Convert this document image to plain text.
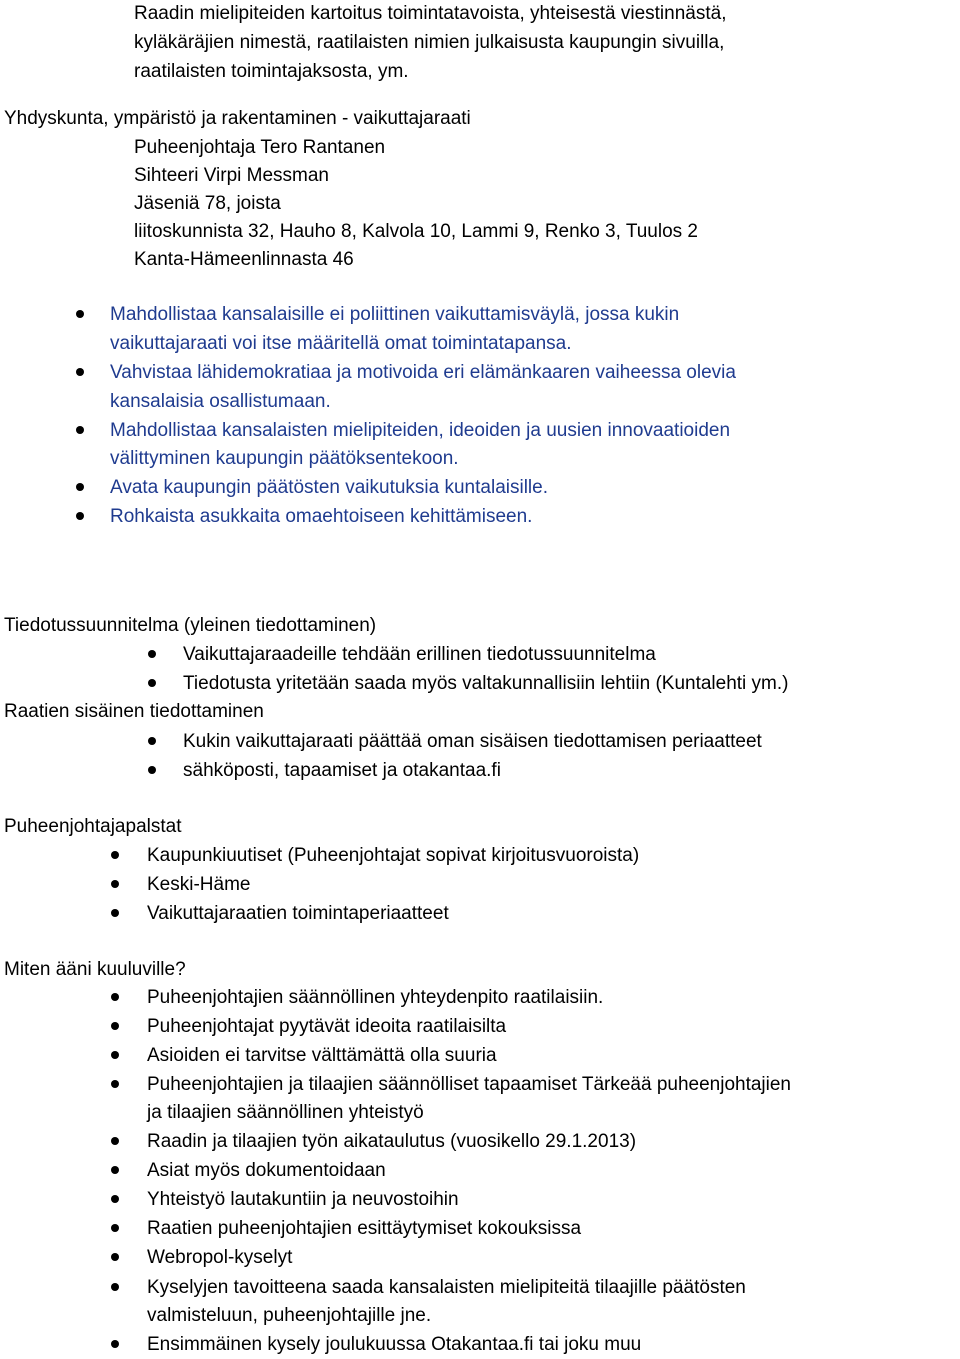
Raadin mielipiteiden kartoitus toimintatavoista, yhteisestä viestinnästä,
kyläkäräjien nimestä, raatilaisten nimien julkaisusta kaupungin sivuilla,
raatilaisten toimintajaksosta, ym.
Yhdyskunta, ympäristö ja rakentaminen - vaikuttajaraati
Puheenjohtaja Tero Rantanen
Sihteeri Virpi Messman
Jäseniä 78, joista
liitoskunnista 32, Hauho 8, Kalvola 10, Lammi 9, Renko 3, Tuulos 2
Kanta-Hämeenlinnasta 46
Mahdollistaa kansalaisille ei poliittinen vaikuttamisväylä, jossa kukin
vaikuttajaraati voi itse määritellä omat toimintatapansa.
Vahvistaa lähidemokratiaa ja motivoida eri elämänkaaren vaiheessa olevia
kansalaisia osallistumaan.
Mahdollistaa kansalaisten mielipiteiden, ideoiden ja uusien innovaatioiden
välittyminen kaupungin päätöksentekoon.
Avata kaupungin päätösten vaikutuksia kuntalaisille.
Rohkaista asukkaita omaehtoiseen kehittämiseen.
Tiedotussuunnitelma (yleinen tiedottaminen)
Vaikuttajaraadeille tehdään erillinen tiedotussuunnitelma
Tiedotusta yritetään saada myös valtakunnallisiin lehtiin (Kuntalehti ym.)
Raatien sisäinen tiedottaminen
Kukin vaikuttajaraati päättää oman sisäisen tiedottamisen periaatteet
sähköposti, tapaamiset ja otakantaa.fi
Puheenjohtajapalstat
Kaupunkiuutiset (Puheenjohtajat sopivat kirjoitusvuoroista)
Keski-Häme
Vaikuttajaraatien toimintaperiaatteet
Miten ääni kuuluville?
Puheenjohtajien säännöllinen yhteydenpito raatilaisiin.
Puheenjohtajat pyytävät ideoita raatilaisilta
Asioiden ei tarvitse välttämättä olla suuria
Puheenjohtajien ja tilaajien säännölliset tapaamiset Tärkeää puheenjohtajien
ja tilaajien säännöllinen yhteistyö
Raadin ja tilaajien työn aikataulutus (vuosikello 29.1.2013)
Asiat myös dokumentoidaan
Yhteistyö lautakuntiin ja neuvostoihin
Raatien puheenjohtajien esittäytymiset kokouksissa
Webropol-kyselyt
Kyselyjen tavoitteena saada kansalaisten mielipiteitä tilaajille päätösten
valmisteluun, puheenjohtajille jne.
Ensimmäinen kysely joulukuussa Otakantaa.fi tai joku muu
